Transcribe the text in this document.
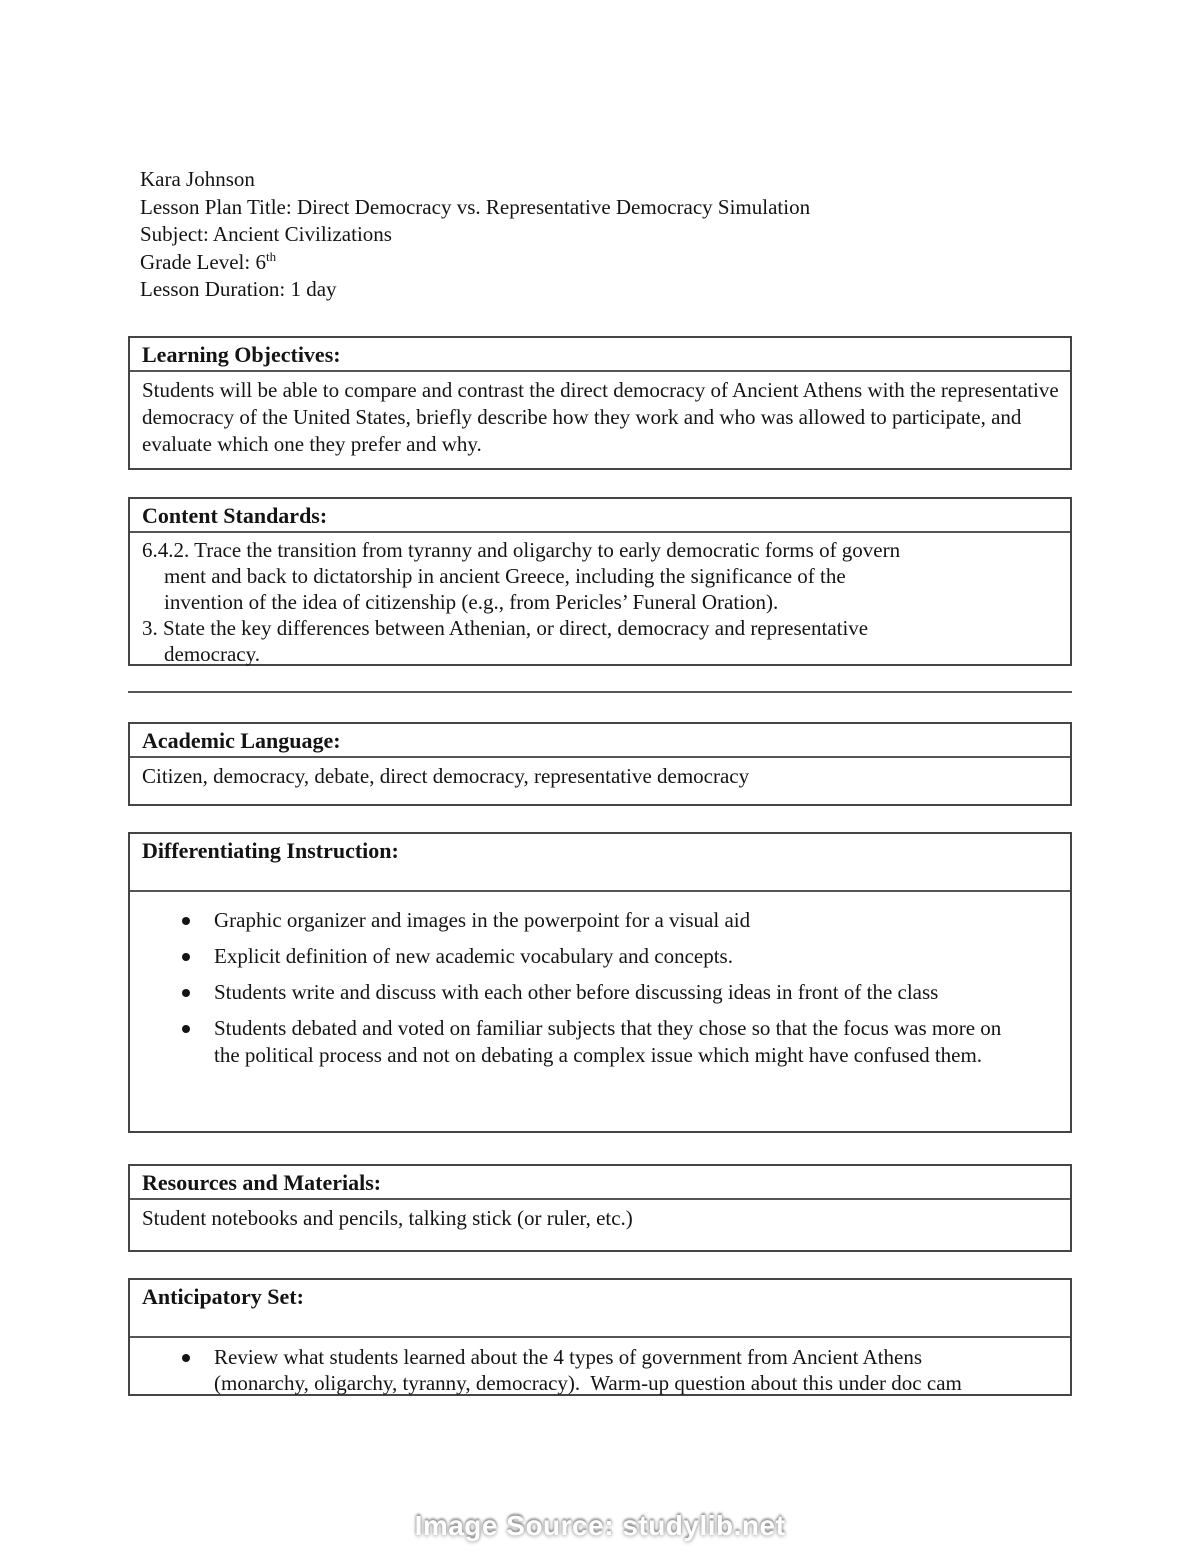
Kara Johnson
Lesson Plan Title: Direct Democracy vs. Representative Democracy Simulation
Subject: Ancient Civilizations
Grade Level: 6th
Lesson Duration: 1 day
Learning Objectives:
Students will be able to compare and contrast the direct democracy of Ancient Athens with the representative democracy of the United States, briefly describe how they work and who was allowed to participate, and evaluate which one they prefer and why.
Content Standards:
6.4.2. Trace the transition from tyranny and oligarchy to early democratic forms of govern
ment and back to dictatorship in ancient Greece, including the significance of the
invention of the idea of citizenship (e.g., from Pericles’ Funeral Oration).
3. State the key differences between Athenian, or direct, democracy and representative
democracy.
Academic Language:
Citizen, democracy, debate, direct democracy, representative democracy
Differentiating Instruction:
Graphic organizer and images in the powerpoint for a visual aid
Explicit definition of new academic vocabulary and concepts.
Students write and discuss with each other before discussing ideas in front of the class
Students debated and voted on familiar subjects that they chose so that the focus was more on the political process and not on debating a complex issue which might have confused them.
Resources and Materials:
Student notebooks and pencils, talking stick (or ruler, etc.)
Anticipatory Set:
Review what students learned about the 4 types of government from Ancient Athens (monarchy, oligarchy, tyranny, democracy).  Warm-up question about this under doc cam
Image Source: studylib.net
